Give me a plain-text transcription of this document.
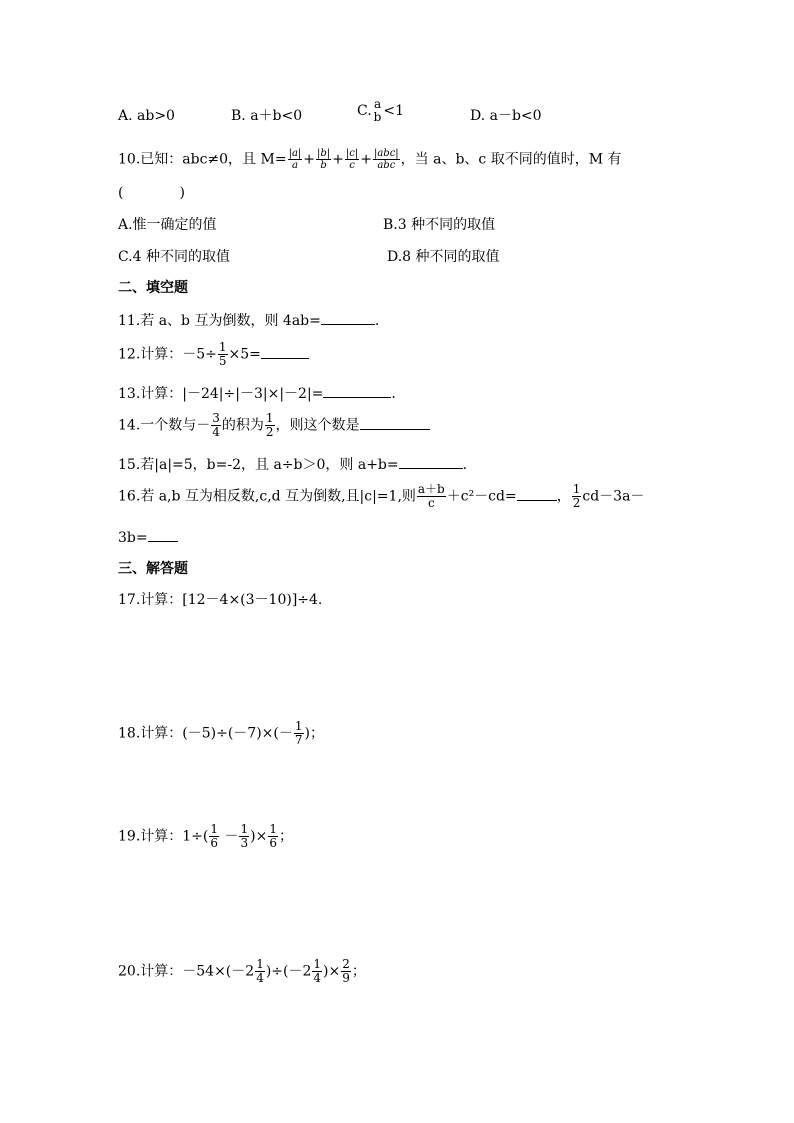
A. ab>0	B. a＋b<0	C. a
b <1	D. a－b<0
10.已知：abc≠0，且 $M= \frac{|a|}{a} + \frac{|b|}{b} + \frac{|c|}{c} + \frac{\text{|abc|}}{\text{abc}}$ ，当 a、b、c 取不同的值时，M 有
(　　　　)
A.惟一确定的值	B.3 种不同的取值
C.4 种不同的取值	D.8 种不同的取值
二、填空题
11.若 a、b 互为倒数，则 4ab=	.
12.计算：$-5\div \frac{1}{5} \times 5=$
13.计算：|－24|÷|－3|×|－2|=	.
14.一个数与－ $\frac{3}{4}$ 的积为 $\frac{1}{2}$ ，则这个数是
15.若|a|=5，b=-2，且 a÷b＞0，则 a+b=	.
16.若 a,b 互为相反数,c,d 互为倒数,且|c|=1,则 $\frac{a+b}{c} +c^2-cd=$	， $\frac{1}{2} cd-3a-$
3b=
三、解答题
17.计算：[12－4×(3－10)]÷4.
18.计算：$(-5)\div(-7)\times(- \frac{1}{7}$ )；
19.计算：$1\div( \frac{1}{6} - \frac{1}{3}$ )× $\frac{1}{6}$ ；
20.计算：$-54\times(-2 \frac{1}{4} )\div(-2 \frac{1}{4}$ )× $\frac{2}{9}$ ；
